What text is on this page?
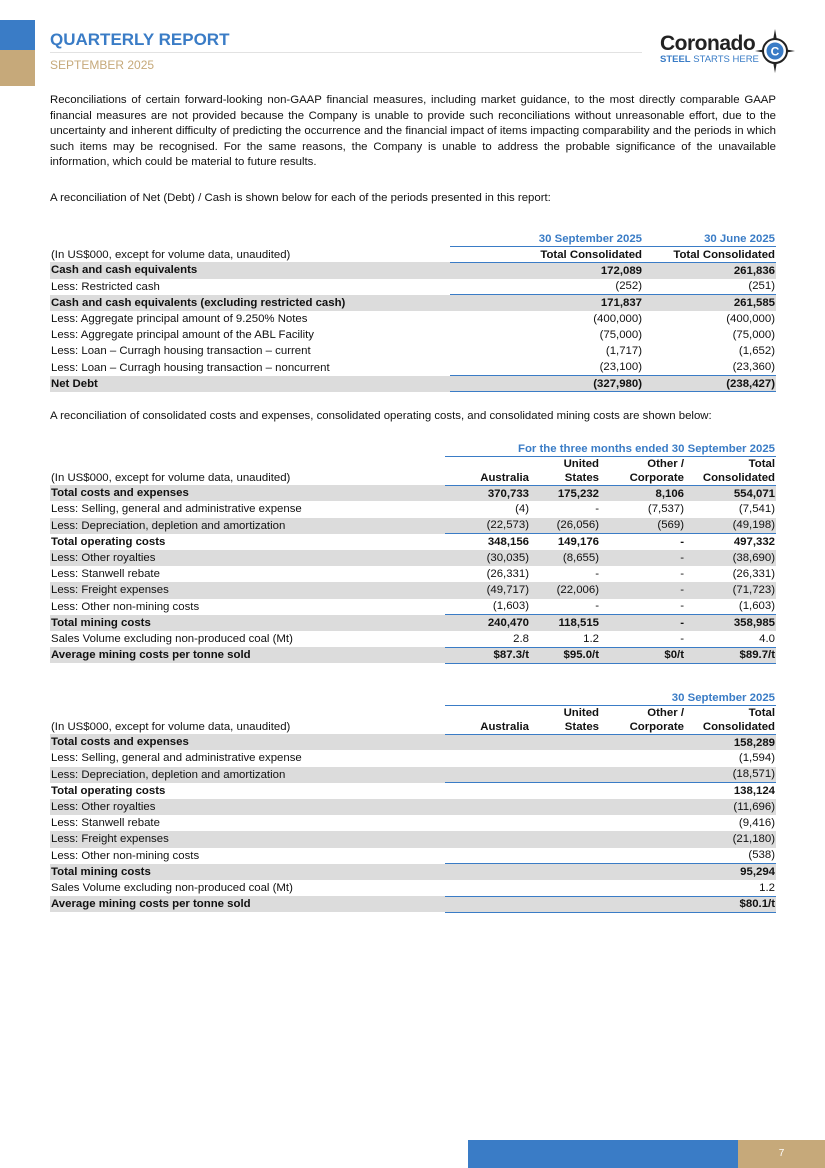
QUARTERLY REPORT
SEPTEMBER 2025
Coronado
STEEL STARTS HERE
C
Reconciliations of certain forward-looking non-GAAP financial measures, including market guidance, to the most directly comparable GAAP financial measures are not provided because the Company is unable to provide such reconciliations without unreasonable effort, due to the uncertainty and inherent difficulty of predicting the occurrence and the financial impact of items impacting comparability and the periods in which such items may be recognised. For the same reasons, the Company is unable to address the probable significance of the unavailable information, which could be material to future results.
A reconciliation of Net (Debt) / Cash is shown below for each of the periods presented in this report:
	30 September 2025	30 June 2025
(In US$000, except for volume data, unaudited)	Total Consolidated	Total Consolidated
Cash and cash equivalents	172,089	261,836
Less: Restricted cash	(252)	(251)
Cash and cash equivalents (excluding restricted cash)	171,837	261,585
Less: Aggregate principal amount of 9.250% Notes	(400,000)	(400,000)
Less: Aggregate principal amount of the ABL Facility	(75,000)	(75,000)
Less: Loan – Curragh housing transaction – current	(1,717)	(1,652)
Less: Loan – Curragh housing transaction – noncurrent	(23,100)	(23,360)
Net Debt	(327,980)	(238,427)
A reconciliation of consolidated costs and expenses, consolidated operating costs, and consolidated mining costs are shown below:
	For the three months ended 30 September 2025			
(In US$000, except for volume data, unaudited)	Australia	United States	Other / Corporate	Total Consolidated
Total costs and expenses	370,733	175,232	8,106	554,071
Less: Selling, general and administrative expense	(4)	-	(7,537)	(7,541)
Less: Depreciation, depletion and amortization	(22,573)	(26,056)	(569)	(49,198)
Total operating costs	348,156	149,176	-	497,332
Less: Other royalties	(30,035)	(8,655)	-	(38,690)
Less: Stanwell rebate	(26,331)	-	-	(26,331)
Less: Freight expenses	(49,717)	(22,006)	-	(71,723)
Less: Other non-mining costs	(1,603)	-	-	(1,603)
Total mining costs	240,470	118,515	-	358,985
Sales Volume excluding non-produced coal (Mt)	2.8	1.2	-	4.0
Average mining costs per tonne sold	$87.3/t	$95.0/t	$0/t	$89.7/t
	30 September 2025			
(In US$000, except for volume data, unaudited)	Australia	United States	Other / Corporate	Total Consolidated
Total costs and expenses				158,289
Less: Selling, general and administrative expense				(1,594)
Less: Depreciation, depletion and amortization				(18,571)
Total operating costs				138,124
Less: Other royalties				(11,696)
Less: Stanwell rebate				(9,416)
Less: Freight expenses				(21,180)
Less: Other non-mining costs				(538)
Total mining costs				95,294
Sales Volume excluding non-produced coal (Mt)				1.2
Average mining costs per tonne sold				$80.1/t
7
